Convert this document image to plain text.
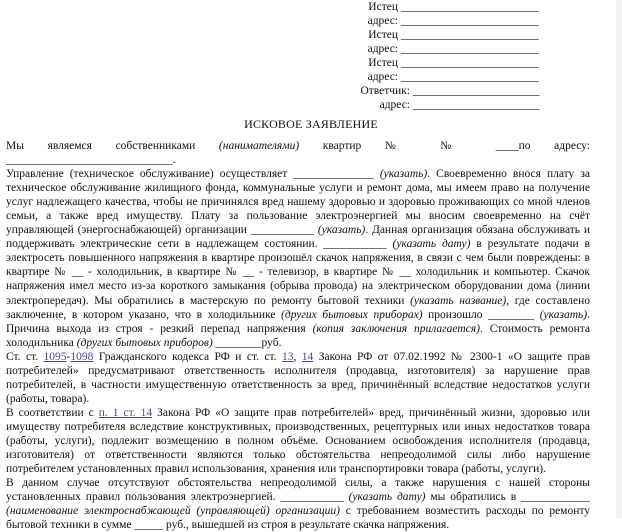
Истец ________________________
адрес: ________________________
Истец ________________________
адрес: ________________________
Истец ________________________
адрес: ________________________
Ответчик: ______________________
адрес: ______________________
ИСКОВОЕ ЗАЯВЛЕНИЕ

Мы являемся собственниками (нанимателями) квартир № № ____по адресу:

_____________________________.

Управление (техническое обслуживание) осуществляет ______________ (указать). Своевременно внося плату за техническое обслуживание жилищного фонда, коммунальные услуги и ремонт дома, мы имеем право на получение услуг надлежащего качества, чтобы не причинялся вред нашему здоровью и здоровью проживающих со мной членов семьи, а также вред имуществу. Плату за пользование электроэнергией мы вносим своевременно на счёт управляющей (энергоснабжающей) организации ___________ (указать). Данная организация обязана обслуживать и поддерживать электрические сети в надлежащем состоянии. ___________ (указать дату) в результате подачи в электросеть повышенного напряжения в квартире произошёл скачок напряжения, в связи с чем были повреждены: в квартире № __ - холодильник, в квартире № __ - телевизор, в квартире № __ холодильник и компьютер. Скачок напряжения имел место из-за короткого замыкания (обрыва провода) на электрическом оборудовании дома (линии электропередач). Мы обратились в мастерскую по ремонту бытовой техники (указать название), где составлено заключение, в котором указано, что в холодильнике (других бытовых приборах) произошло ________ (указать). Причина выхода из строя - резкий перепад напряжения (копия заключения прилагается). Стоимость ремонта холодильника (других бытовых приборов) ________руб.

Ст. ст. 1095-1098 Гражданского кодекса РФ и ст. ст. 13, 14 Закона РФ от 07.02.1992 № 2300-1 «О защите прав потребителей» предусматривают ответственность исполнителя (продавца, изготовителя) за нарушение прав потребителей, в частности имущественную ответственность за вред, причинённый вследствие недостатков услуги (работы, товара).

В соответствии с п. 1 ст. 14 Закона РФ «О защите прав потребителей» вред, причинённый жизни, здоровью или имуществу потребителя вследствие конструктивных, производственных, рецептурных или иных недостатков товара (работы, услуги), подлежит возмещению в полном объёме. Основанием освобождения исполнителя (продавца, изготовителя) от ответственности являются только обстоятельства непреодолимой силы либо нарушение потребителем установленных правил использования, хранения или транспортировки товара (работы, услуги).

В данном случае отсутствуют обстоятельства непреодолимой силы, а также нарушения с нашей стороны установленных правил пользования электроэнергией. ___________ (указать дату) мы обратились в ____________ (наименование электроснабжающей (управляющей) организации) с требованием возместить расходы по ремонту бытовой техники в сумме _____ руб., вышедшей из строя в результате скачка напряжения.
